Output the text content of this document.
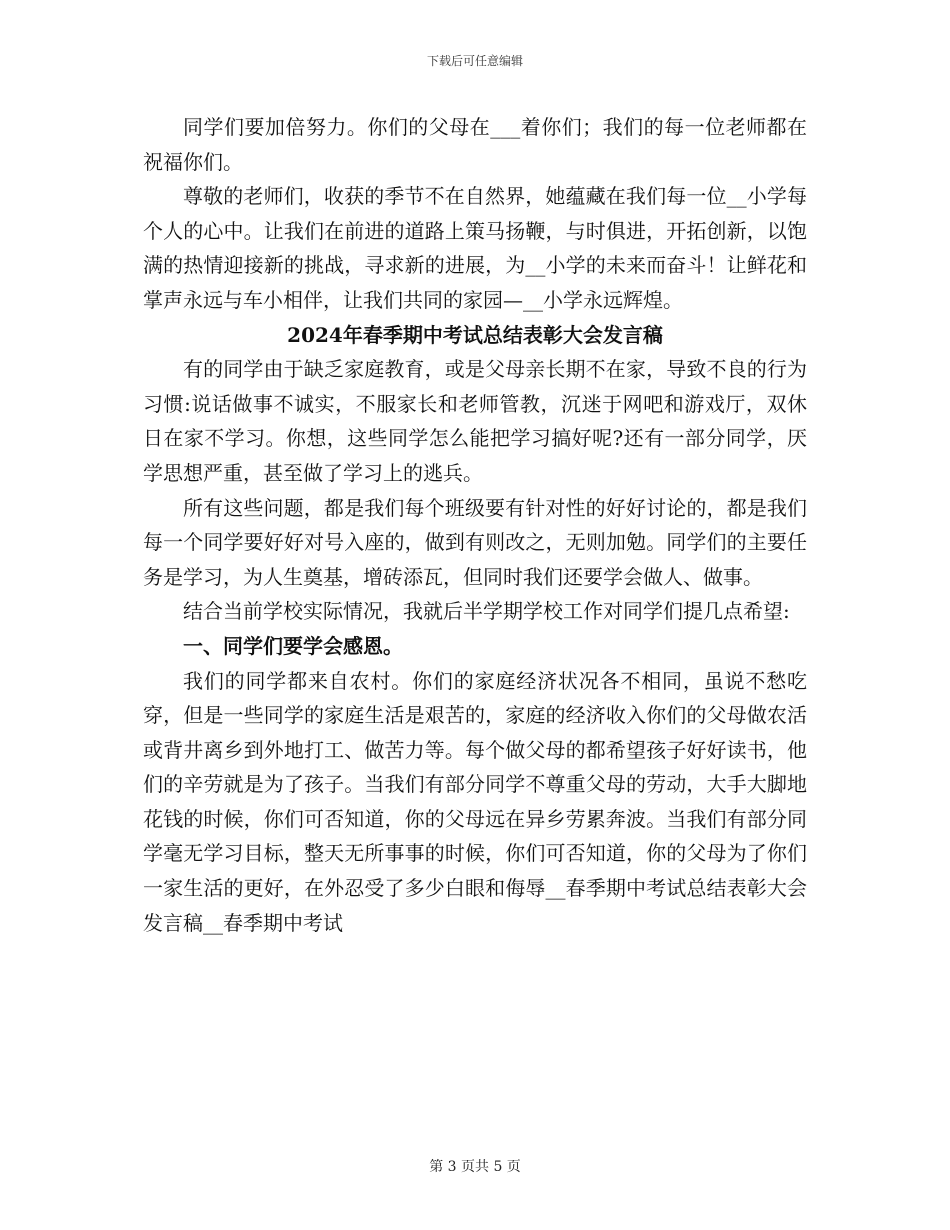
下载后可任意编辑

同学们要加倍努力。你们的父母在___着你们；我们的每一位老师都在祝福你们。

尊敬的老师们，收获的季节不在自然界，她蕴藏在我们每一位__小学每个人的心中。让我们在前进的道路上策马扬鞭，与时俱进，开拓创新，以饱满的热情迎接新的挑战，寻求新的进展，为__小学的未来而奋斗！让鲜花和掌声永远与车小相伴，让我们共同的家园—__小学永远辉煌。

2024年春季期中考试总结表彰大会发言稿

有的同学由于缺乏家庭教育，或是父母亲长期不在家，导致不良的行为习惯:说话做事不诚实，不服家长和老师管教，沉迷于网吧和游戏厅，双休日在家不学习。你想，这些同学怎么能把学习搞好呢?还有一部分同学，厌学思想严重，甚至做了学习上的逃兵。

所有这些问题，都是我们每个班级要有针对性的好好讨论的，都是我们每一个同学要好好对号入座的，做到有则改之，无则加勉。同学们的主要任务是学习，为人生奠基，增砖添瓦，但同时我们还要学会做人、做事。

结合当前学校实际情况，我就后半学期学校工作对同学们提几点希望:

一、同学们要学会感恩。

我们的同学都来自农村。你们的家庭经济状况各不相同，虽说不愁吃穿，但是一些同学的家庭生活是艰苦的，家庭的经济收入你们的父母做农活或背井离乡到外地打工、做苦力等。每个做父母的都希望孩子好好读书，他们的辛劳就是为了孩子。当我们有部分同学不尊重父母的劳动，大手大脚地花钱的时候，你们可否知道，你的父母远在异乡劳累奔波。当我们有部分同学毫无学习目标，整天无所事事的时候，你们可否知道，你的父母为了你们一家生活的更好，在外忍受了多少白眼和侮辱__春季期中考试总结表彰大会发言稿__春季期中考试

第 3 页共 5 页
